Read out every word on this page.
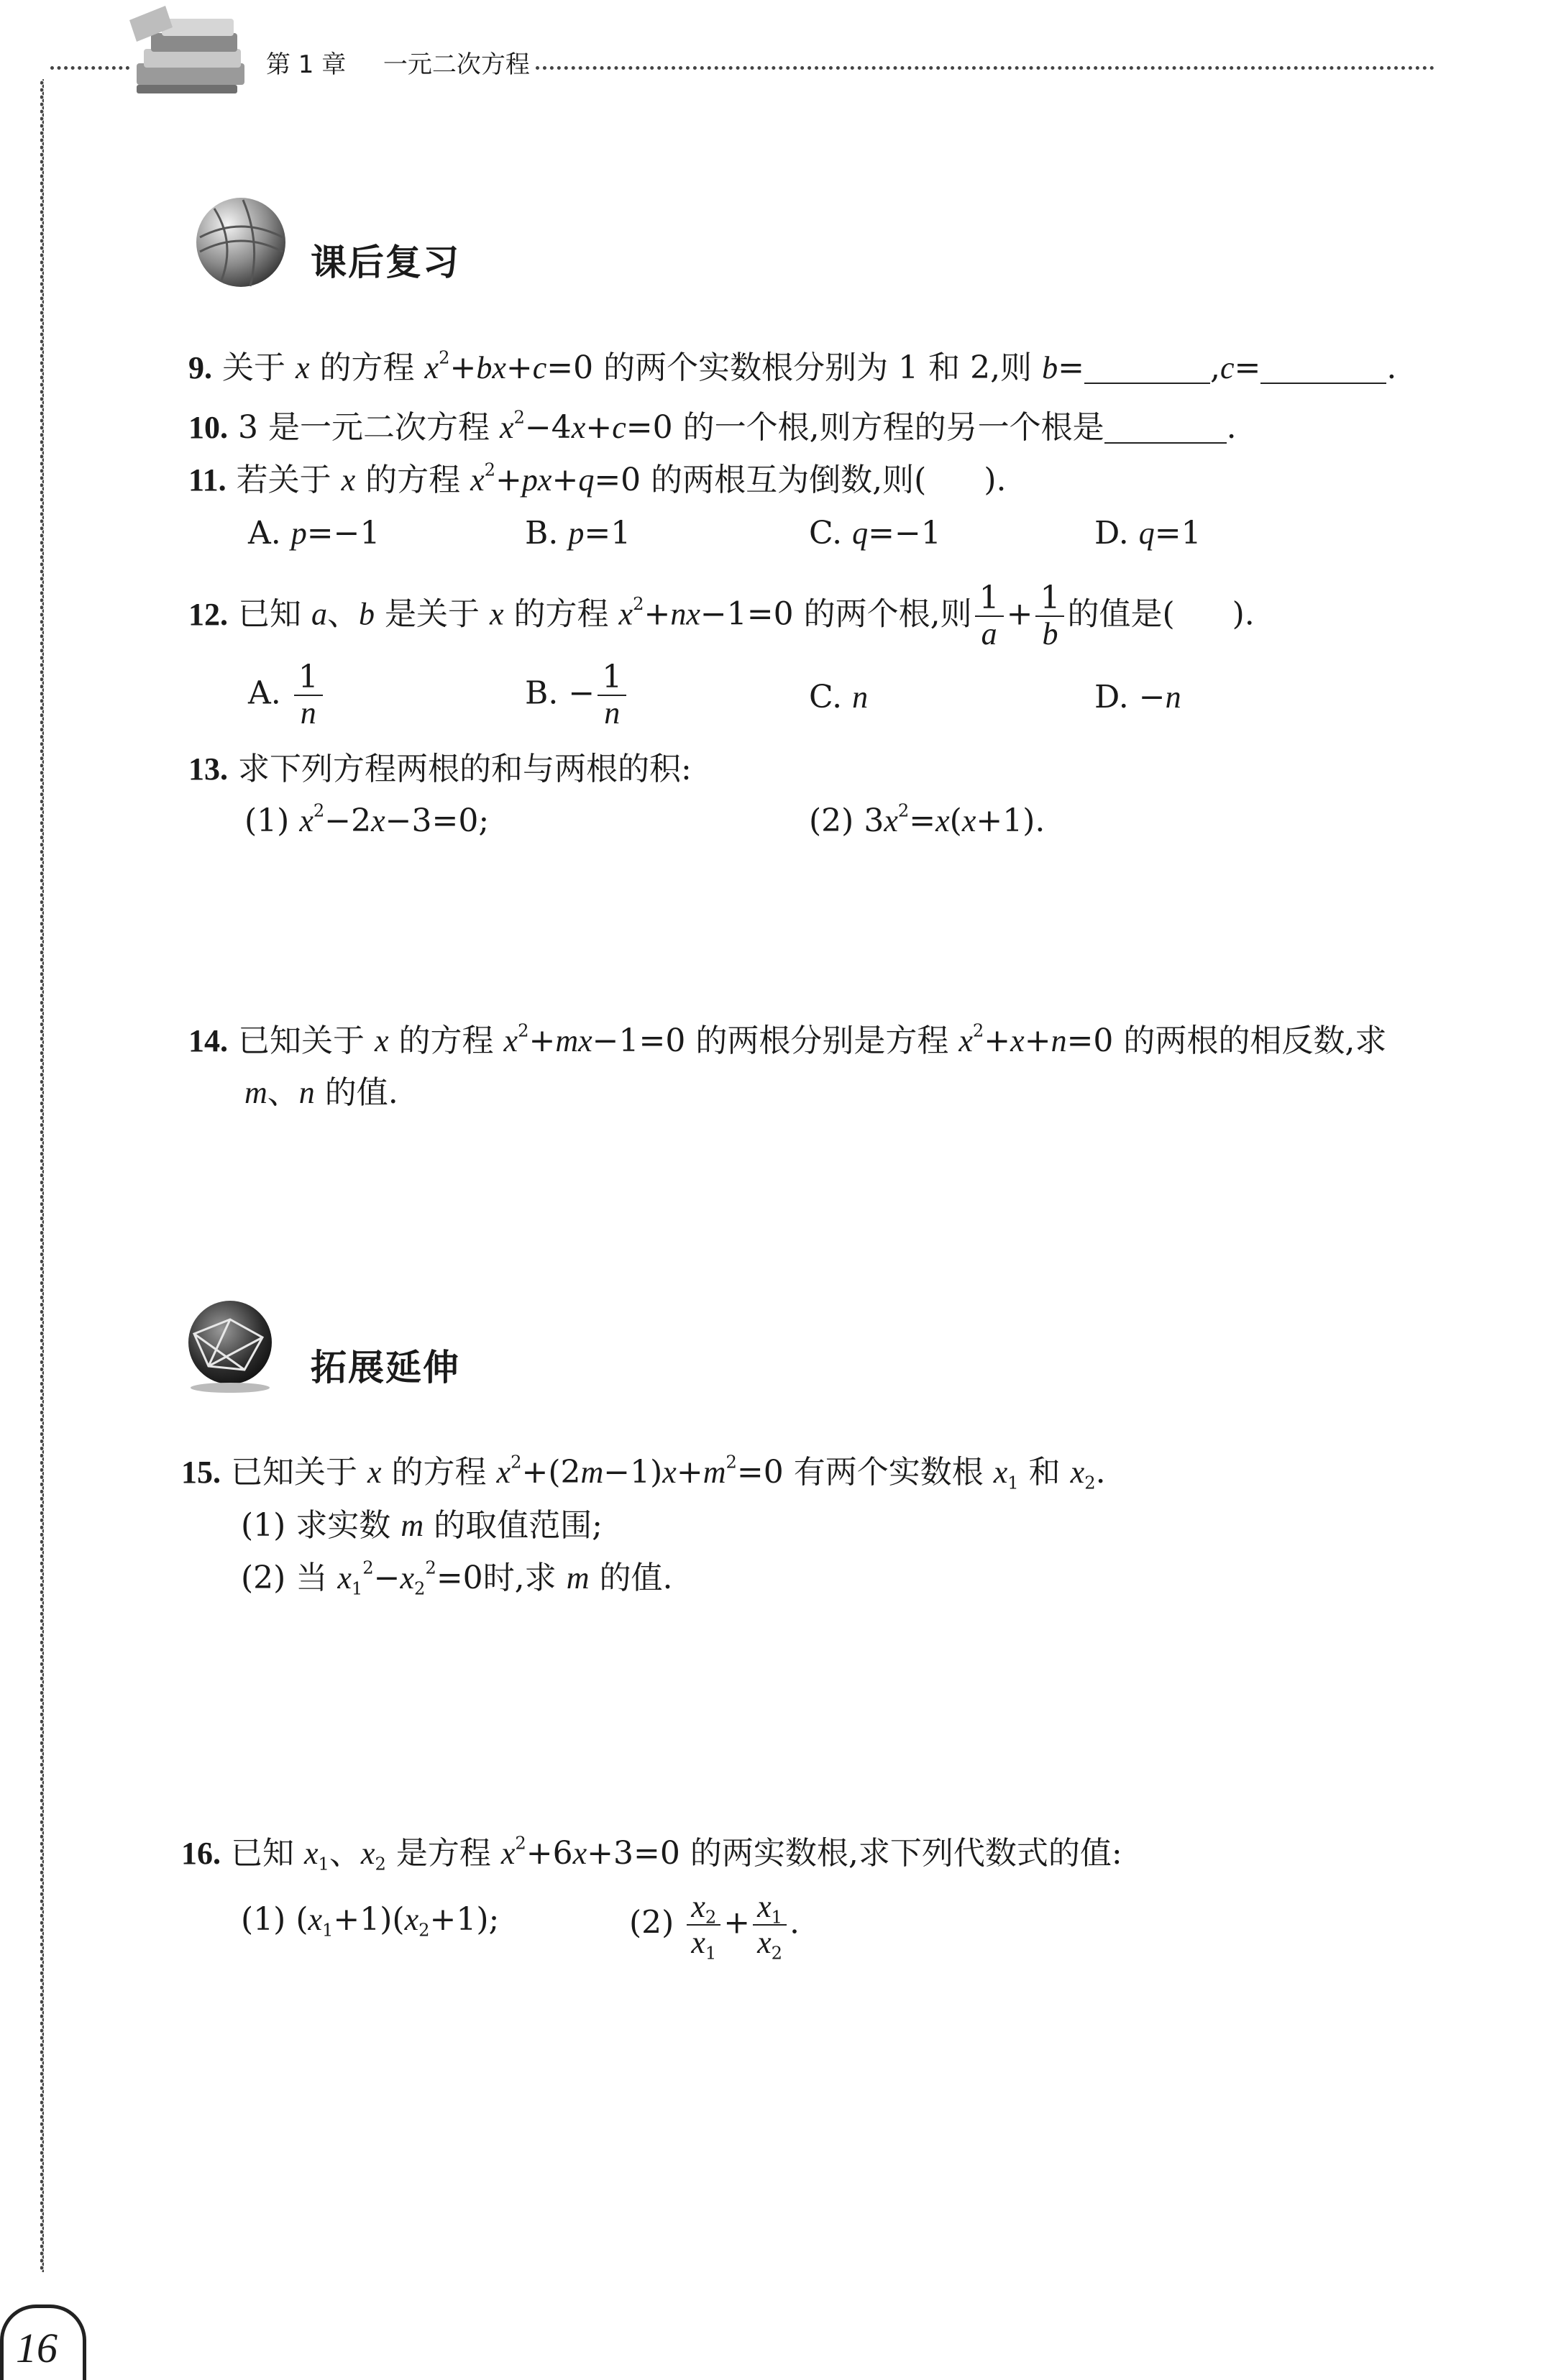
第 1 章 一元二次方程
课后复习
9. 关于 x 的方程 $x^2+bx+c=0$ 的两个实数根分别为 1 和 2,则 b=	,c=	.
10. 3 是一元二次方程 $x^2-4x+c=0$ 的一个根,则方程的另一个根是	.
11. 若关于 x 的方程 $x^2+px+q=0$ 的两根互为倒数,则( ).
A. p=−1	B. p=1	C. q=−1	D. q=1
12. 已知 a、b 是关于 x 的方程 $x^2+nx-1=0$ 的两个根,则 $\frac{1}{a} + \frac{1}{b}$ 的值是( ).
A. $\frac{1}{n}$	B. − $\frac{1}{n}$	C. n	D. −n
13. 求下列方程两根的和与两根的积:
(1) $x^2-2x-3=0$;	(2) $3x^2=x(x+1)$.
14. 已知关于 x 的方程 $x^2+mx-1=0$ 的两根分别是方程 $x^2+x+n=0$ 的两根的相反数,求
m、n 的值.
拓展延伸
15. 已知关于 x 的方程 $x^2+(2m-1)x+m^2=0$ 有两个实数根 $x_1$ 和 $x_2$.
(1) 求实数 m 的取值范围;
(2) 当 $x_1^2-x_2^2=0$时,求 m 的值.
16. 已知 $x_1$、$x_2$ 是方程 $x^2+6x+3=0$ 的两实数根,求下列代数式的值:
(1) $(x_1+1)(x_2+1)$;	$(2) \frac{x_2}{x_1} + \frac{x_1}{x_2}$ .
16
